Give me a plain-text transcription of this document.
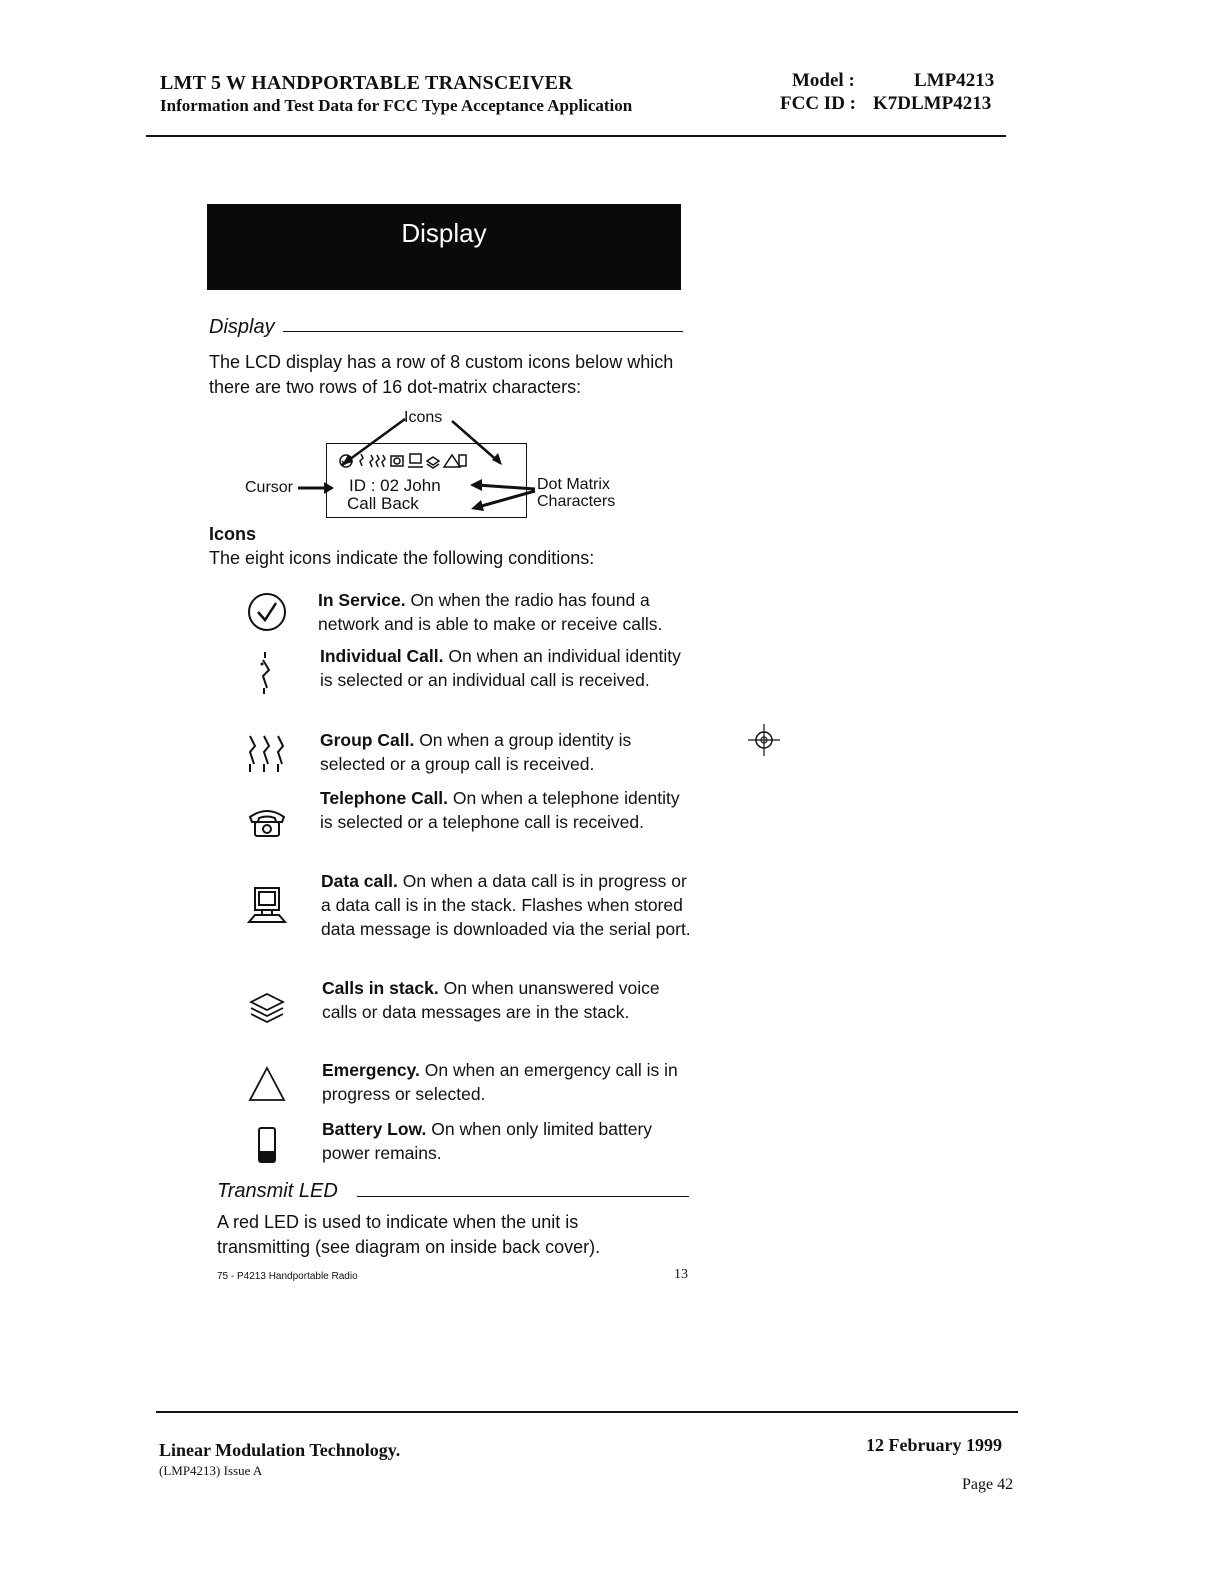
LMT 5 W HANDPORTABLE TRANSCEIVER
Information and Test Data for FCC Type Acceptance Application
Model :	LMP4213
FCC ID : K7DLMP4213
Display
Display
The LCD display has a row of 8 custom icons below which there are two rows of 16 dot-matrix characters:
Icons
Cursor	Dot Matrix
Characters
ID : 02 John
Call Back
Icons
The eight icons indicate the following conditions:
In Service. On when the radio has found a network and is able to make or receive calls.
Individual Call. On when an individual identity is selected or an individual call is received.
Group Call. On when a group identity is selected or a group call is received.
Telephone Call. On when a telephone identity is selected or a telephone call is received.
Data call. On when a data call is in progress or a data call is in the stack. Flashes when stored data message is downloaded via the serial port.
Calls in stack. On when unanswered voice calls or data messages are in the stack.
Emergency. On when an emergency call is in progress or selected.
Battery Low. On when only limited battery power remains.
Transmit LED
A red LED is used to indicate when the unit is transmitting (see diagram on inside back cover).
75 - P4213 Handportable Radio	13
Linear Modulation Technology.
(LMP4213) Issue A
12 February 1999
Page 42
